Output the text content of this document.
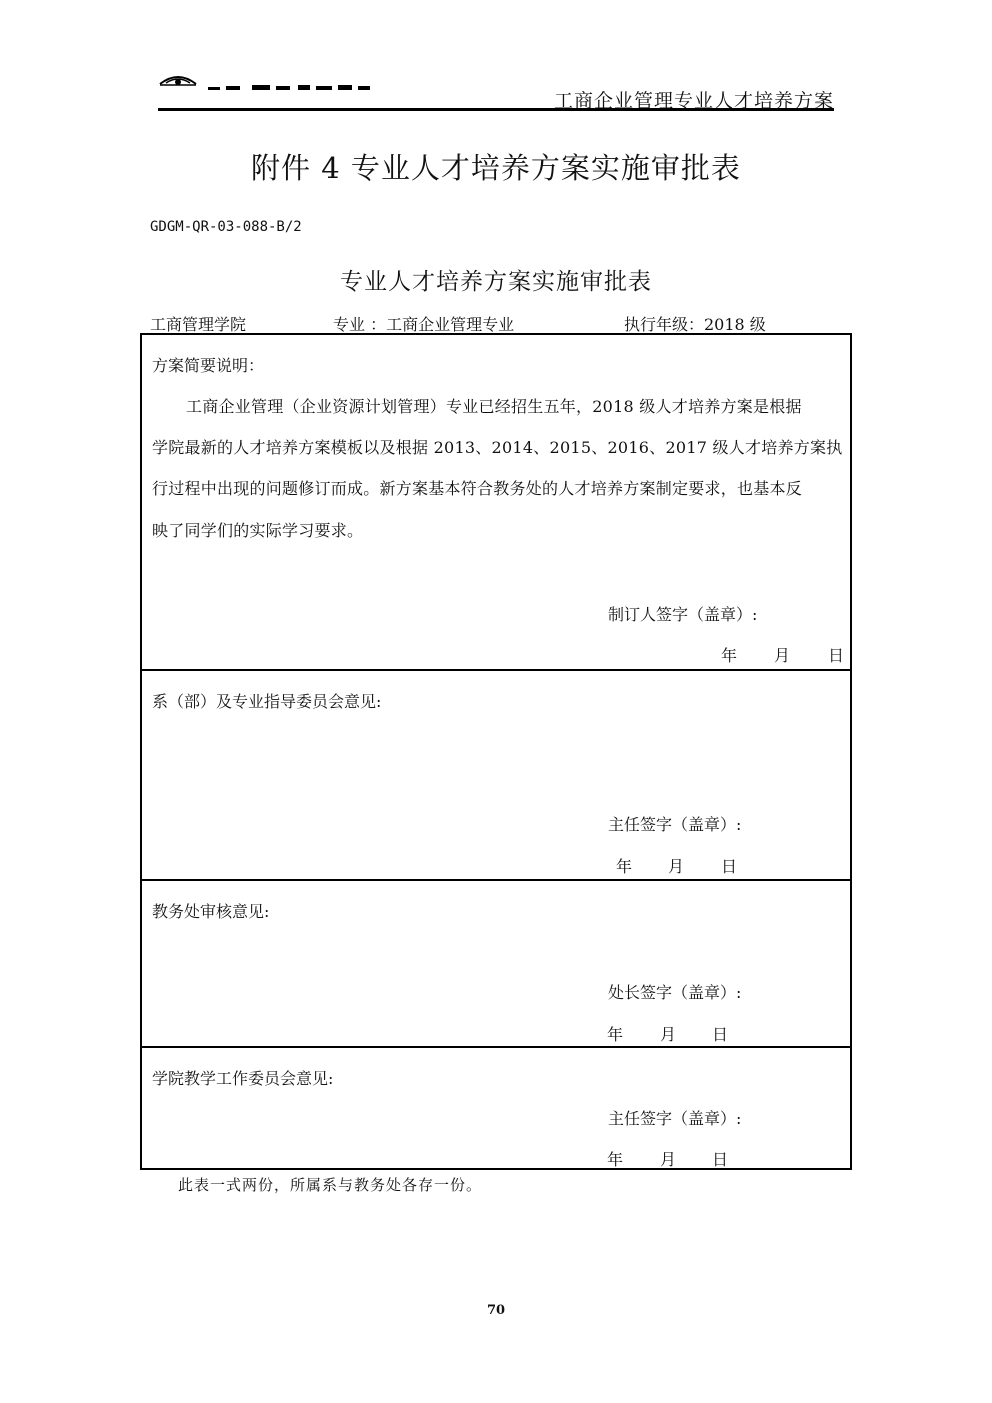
工商企业管理专业人才培养方案
附件 4 专业人才培养方案实施审批表
GDGM-QR-03-088-B/2
专业人才培养方案实施审批表
工商管理学院	专业 ：工商企业管理专业	执行年级：2018 级
方案简要说明：
工商企业管理（企业资源计划管理）专业已经招生五年，2018 级人才培养方案是根据
学院最新的人才培养方案模板以及根据 2013、2014、2015、2016、2017 级人才培养方案执
行过程中出现的问题修订而成。新方案基本符合教务处的人才培养方案制定要求，也基本反
映了同学们的实际学习要求。
制订人签字（盖章）:
年 月 日
系（部）及专业指导委员会意见:
主任签字（盖章）:
年 月 日
教务处审核意见:
处长签字（盖章）:
年 月 日
学院教学工作委员会意见:
主任签字（盖章）:
年 月 日
此表一式两份，所属系与教务处各存一份。
70
